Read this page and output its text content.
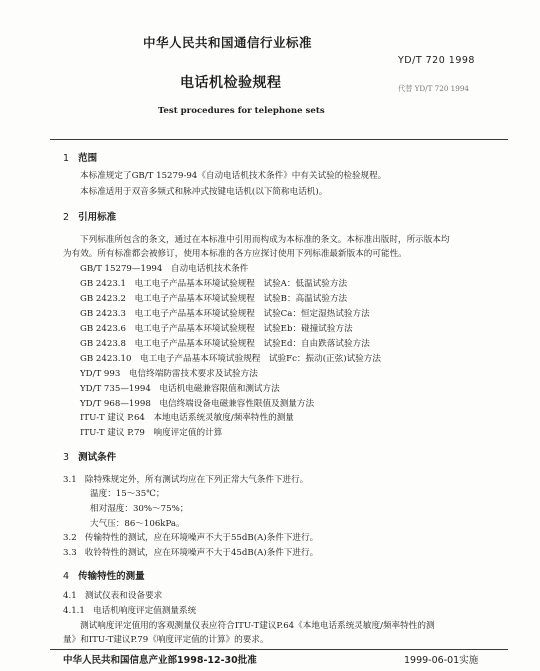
中华人民共和国通信行业标准
YD/T 720 1998
电话机检验规程	代替 YD/T 720 1994
Test procedures for telephone sets
1 范围
本标准规定了GB/T 15279-94《自动电话机技术条件》中有关试验的检验规程。
本标准适用于双音多频式和脉冲式按键电话机(以下简称电话机)。
2 引用标准
下列标准所包含的条文，通过在本标准中引用而构成为本标准的条文。本标准出版时，所示版本均
为有效。所有标准都会被修订，使用本标准的各方应探讨使用下列标准最新版本的可能性。
GB/T 15279—1994　自动电话机技术条件
GB 2423.1　电工电子产品基本环境试验规程　试验A：低温试验方法
GB 2423.2　电工电子产品基本环境试验规程　试验B：高温试验方法
GB 2423.3　电工电子产品基本环境试验规程　试验Ca：恒定湿热试验方法
GB 2423.6　电工电子产品基本环境试验规程　试验Eb：碰撞试验方法
GB 2423.8　电工电子产品基本环境试验规程　试验Ed：自由跌落试验方法
GB 2423.10　电工电子产品基本环境试验规程　试验Fc：振动(正弦)试验方法
YD/T 993　电信终端防雷技术要求及试验方法
YD/T 735—1994　电话机电磁兼容限值和测试方法
YD/T 968—1998　电信终端设备电磁兼容性限值及测量方法
ITU-T 建议 P.64　本地电话系统灵敏度/频率特性的测量
ITU-T 建议 P.79　响度评定值的计算
3 测试条件
3.1 除特殊规定外，所有测试均应在下列正常大气条件下进行。
温度：15～35℃；
相对湿度：30%～75%；
大气压：86～106kPa。
3.2 传输特性的测试，应在环境噪声不大于55dB(A)条件下进行。
3.3 收铃特性的测试，应在环境噪声不大于45dB(A)条件下进行。
4 传输特性的测量
4.1 测试仪表和设备要求
4.1.1 电话机响度评定值测量系统
测试响度评定值用的客观测量仪表应符合ITU-T建议P.64《本地电话系统灵敏度/频率特性的测
量》和ITU-T建议P.79《响度评定值的计算》的要求。
中华人民共和国信息产业部1998-12-30批准	1999-06-01实施
